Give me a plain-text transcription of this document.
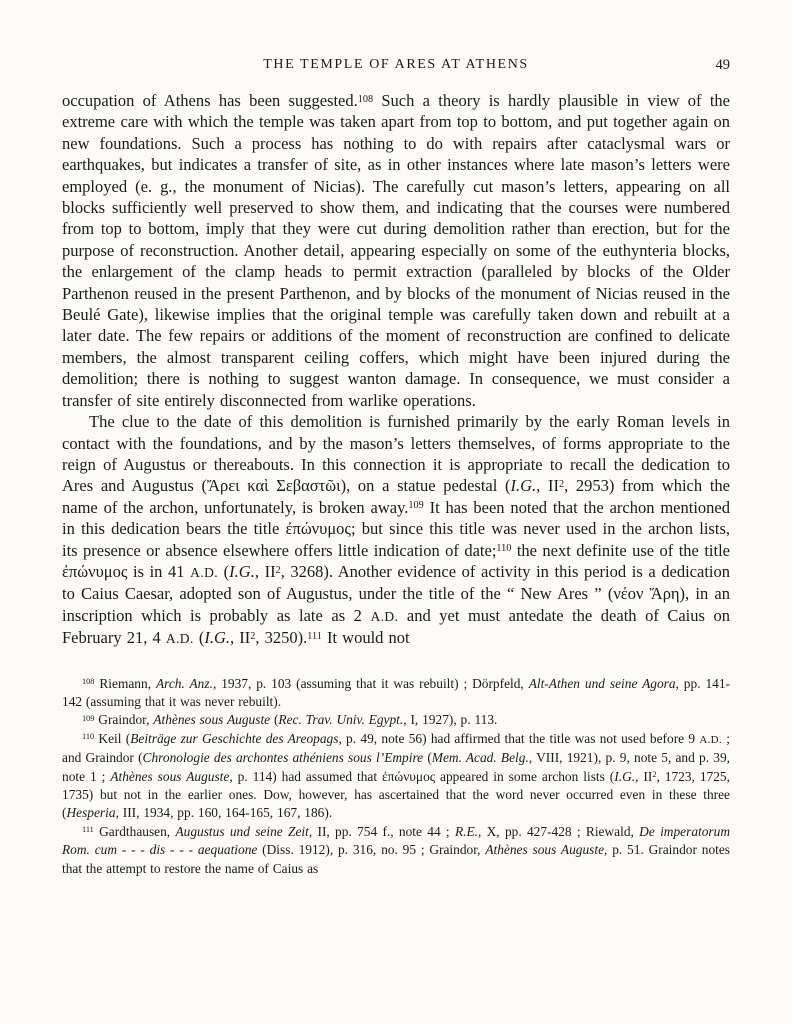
THE TEMPLE OF ARES AT ATHENS	49

occupation of Athens has been suggested.$^{108}$ Such a theory is hardly plausible in view of the extreme care with which the temple was taken apart from top to bottom, and put together again on new foundations. Such a process has nothing to do with repairs after cataclysmal wars or earthquakes, but indicates a transfer of site, as in other instances where late mason’s letters were employed (e. g., the monument of Nicias). The carefully cut mason’s letters, appearing on all blocks sufficiently well preserved to show them, and indicating that the courses were numbered from top to bottom, imply that they were cut during demolition rather than erection, but for the purpose of reconstruction. Another detail, appearing especially on some of the euthynteria blocks, the enlargement of the clamp heads to permit extraction (paralleled by blocks of the Older Parthenon reused in the present Parthenon, and by blocks of the monument of Nicias reused in the Beulé Gate), likewise implies that the original temple was carefully taken down and rebuilt at a later date. The few repairs or additions of the moment of reconstruction are confined to delicate members, the almost transparent ceiling coffers, which might have been injured during the demolition; there is nothing to suggest wanton damage. In consequence, we must consider a transfer of site entirely disconnected from warlike operations.

The clue to the date of this demolition is furnished primarily by the early Roman levels in contact with the foundations, and by the mason’s letters themselves, of forms appropriate to the reign of Augustus or thereabouts. In this connection it is appropriate to recall the dedication to Ares and Augustus (Ἄρει καὶ Σεβαστῶι), on a statue pedestal (I.G., $II^2$, 2953) from which the name of the archon, unfortunately, is broken away.$^{109}$ It has been noted that the archon mentioned in this dedication bears the title ἐπώνυμος; but since this title was never used in the archon lists, its presence or absence elsewhere offers little indication of date;$^{110}$ the next definite use of the title ἐπώνυμος is in 41 A.D. (I.G., $II^2$, 3268). Another evidence of activity in this period is a dedication to Caius Caesar, adopted son of Augustus, under the title of the “ New Ares ” (νέον Ἄρη), in an inscription which is probably as late as 2 A.D. and yet must antedate the death of Caius on February 21, 4 A.D. (I.G., $II^2$, 3250).$^{111}$ It would not

$^{108}$ Riemann, Arch. Anz., 1937, p. 103 (assuming that it was rebuilt) ; Dörpfeld, Alt-Athen und seine Agora, pp. 141-142 (assuming that it was never rebuilt).

$^{109}$ Graindor, Athènes sous Auguste (Rec. Trav. Univ. Egypt., I, 1927), p. 113.

$^{110}$ Keil (Beiträge zur Geschichte des Areopags, p. 49, note 56) had affirmed that the title was not used before 9 A.D. ; and Graindor (Chronologie des archontes athéniens sous l’Empire (Mem. Acad. Belg., VIII, 1921), p. 9, note 5, and p. 39, note 1 ; Athènes sous Auguste, p. 114) had assumed that ἐπώνυμος appeared in some archon lists (I.G., $II^2$, 1723, 1725, 1735) but not in the earlier ones. Dow, however, has ascertained that the word never occurred even in these three (Hesperia, III, 1934, pp. 160, 164-165, 167, 186).

$^{111}$ Gardthausen, Augustus und seine Zeit, II, pp. 754 f., note 44 ; R.E., X, pp. 427-428 ; Riewald, De imperatorum Rom. cum - - - dis - - - aequatione (Diss. 1912), p. 316, no. 95 ; Graindor, Athènes sous Auguste, p. 51. Graindor notes that the attempt to restore the name of Caius as
